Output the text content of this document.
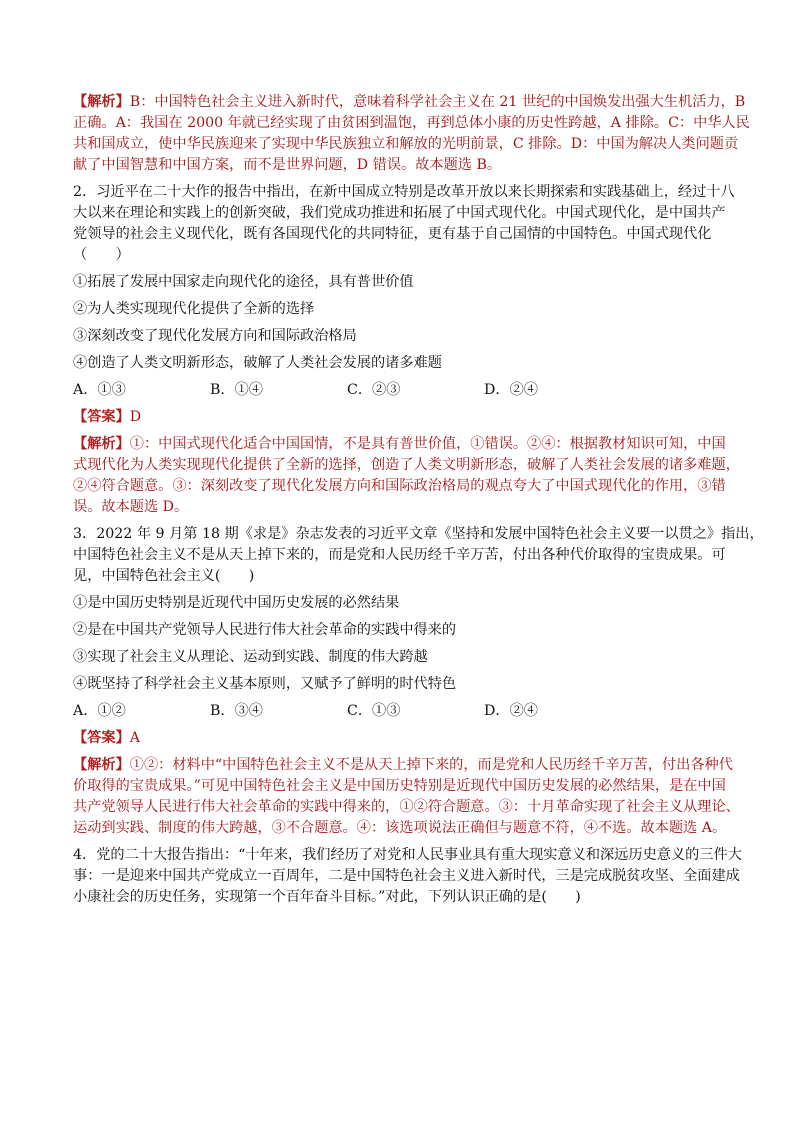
【解析】B：中国特色社会主义进入新时代，意味着科学社会主义在 21 世纪的中国焕发出强大生机活力，B
正确。A：我国在 2000 年就已经实现了由贫困到温饱，再到总体小康的历史性跨越，A 排除。C：中华人民
共和国成立，使中华民族迎来了实现中华民族独立和解放的光明前景，C 排除。D：中国为解决人类问题贡
献了中国智慧和中国方案，而不是世界问题，D 错误。故本题选 B。
2．习近平在二十大作的报告中指出，在新中国成立特别是改革开放以来长期探索和实践基础上，经过十八
大以来在理论和实践上的创新突破，我们党成功推进和拓展了中国式现代化。中国式现代化，是中国共产
党领导的社会主义现代化，既有各国现代化的共同特征，更有基于自己国情的中国特色。中国式现代化
（　　）
①拓展了发展中国家走向现代化的途径，具有普世价值
②为人类实现现代化提供了全新的选择
③深刻改变了现代化发展方向和国际政治格局
④创造了人类文明新形态，破解了人类社会发展的诸多难题
A．①③	B．①④	C．②③	D．②④
【答案】D
【解析】①：中国式现代化适合中国国情，不是具有普世价值，①错误。②④：根据教材知识可知，中国
式现代化为人类实现现代化提供了全新的选择，创造了人类文明新形态，破解了人类社会发展的诸多难题，
②④符合题意。③：深刻改变了现代化发展方向和国际政治格局的观点夸大了中国式现代化的作用，③错
误。故本题选 D。
3．2022 年 9 月第 18 期《求是》杂志发表的习近平文章《坚持和发展中国特色社会主义要一以贯之》指出，
中国特色社会主义不是从天上掉下来的，而是党和人民历经千辛万苦，付出各种代价取得的宝贵成果。可
见，中国特色社会主义(　　)
①是中国历史特别是近现代中国历史发展的必然结果
②是在中国共产党领导人民进行伟大社会革命的实践中得来的
③实现了社会主义从理论、运动到实践、制度的伟大跨越
④既坚持了科学社会主义基本原则，又赋予了鲜明的时代特色
A．①②	B．③④	C．①③	D．②④
【答案】A
【解析】①②：材料中“中国特色社会主义不是从天上掉下来的，而是党和人民历经千辛万苦，付出各种代
价取得的宝贵成果。”可见中国特色社会主义是中国历史特别是近现代中国历史发展的必然结果，是在中国
共产党领导人民进行伟大社会革命的实践中得来的，①②符合题意。③：十月革命实现了社会主义从理论、
运动到实践、制度的伟大跨越，③不合题意。④：该选项说法正确但与题意不符，④不选。故本题选 A。
4．党的二十大报告指出：“十年来，我们经历了对党和人民事业具有重大现实意义和深远历史意义的三件大
事：一是迎来中国共产党成立一百周年，二是中国特色社会主义进入新时代，三是完成脱贫攻坚、全面建成
小康社会的历史任务，实现第一个百年奋斗目标。”对此，下列认识正确的是(　　)
